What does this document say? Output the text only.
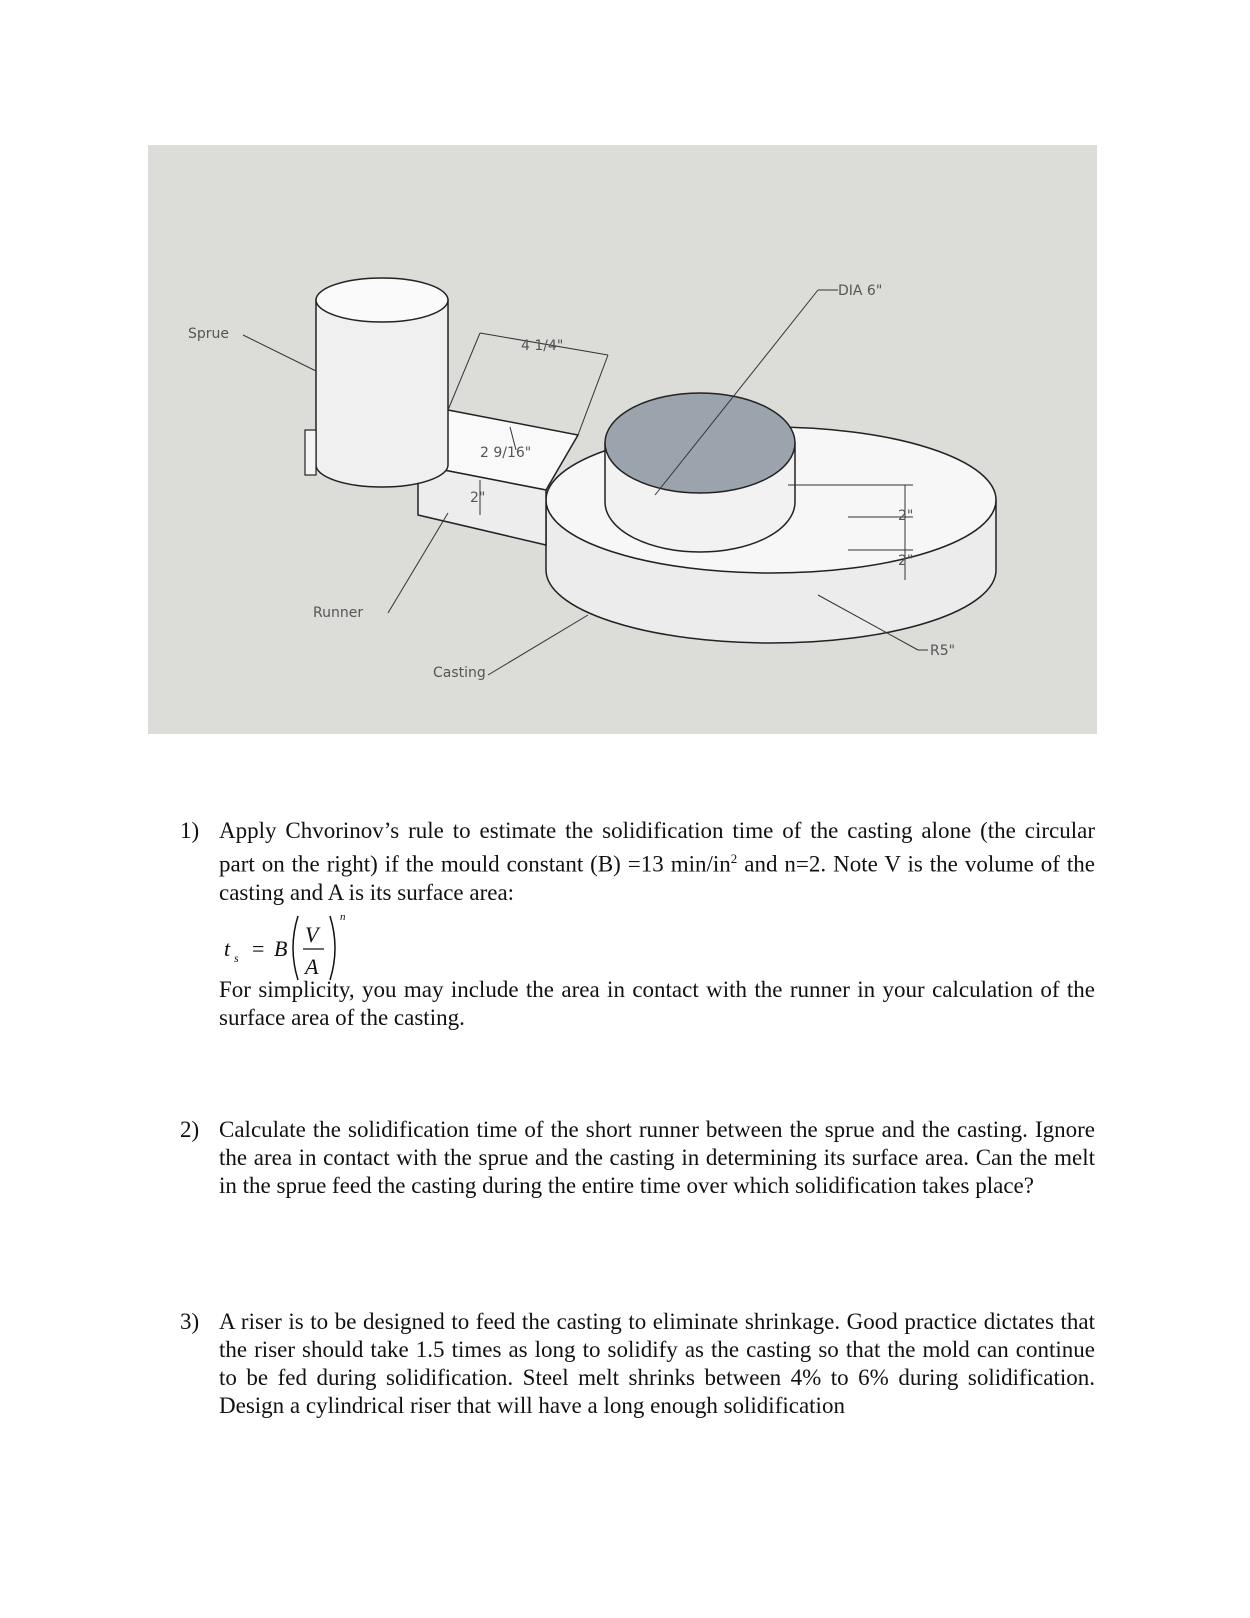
Sprue
Runner
Casting
4 1/4"
2 9/16"
2"
DIA 6"
2"
2"
R5"
1) Apply Chvorinov’s rule to estimate the solidification time of the casting alone (the circular part on the right) if the mould constant (B) =13 $\min/in^2$ and n=2. Note V is the volume of the casting and A is its surface area:

t s = B
V
A
n

For simplicity, you may include the area in contact with the runner in your calculation of the surface area of the casting.

2) Calculate the solidification time of the short runner between the sprue and the casting. Ignore the area in contact with the sprue and the casting in determining its surface area. Can the melt in the sprue feed the casting during the entire time over which solidification takes place?

3) A riser is to be designed to feed the casting to eliminate shrinkage. Good practice dictates that the riser should take 1.5 times as long to solidify as the casting so that the mold can continue to be fed during solidification. Steel melt shrinks between 4% to 6% during solidification. Design a cylindrical riser that will have a long enough solidification
